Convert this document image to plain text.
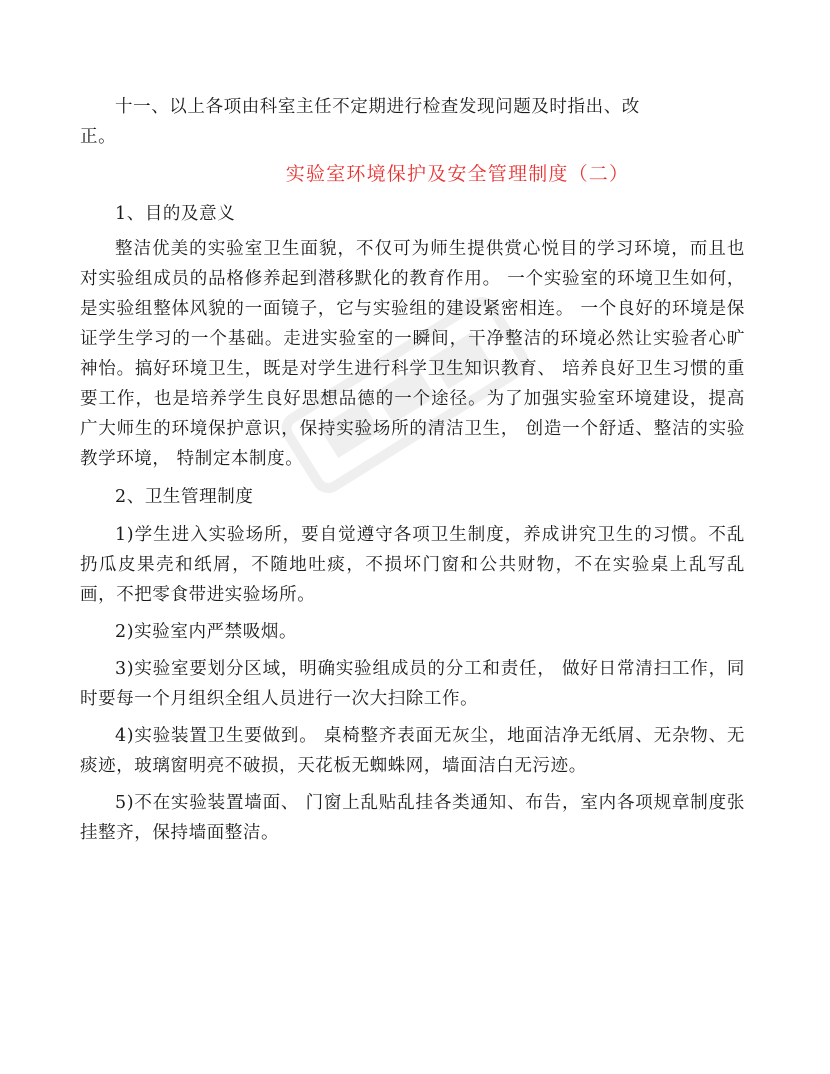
十一、以上各项由科室主任不定期进行检查发现问题及时指出、改

正。

实验室环境保护及安全管理制度（二）

1、目的及意义

整洁优美的实验室卫生面貌，不仅可为师生提供赏心悦目的学习环境，而且也对实验组成员的品格修养起到潜移默化的教育作用。 一个实验室的环境卫生如何，是实验组整体风貌的一面镜子，它与实验组的建设紧密相连。 一个良好的环境是保证学生学习的一个基础。走进实验室的一瞬间，干净整洁的环境必然让实验者心旷神怡。搞好环境卫生，既是对学生进行科学卫生知识教育、 培养良好卫生习惯的重要工作，也是培养学生良好思想品德的一个途径。为了加强实验室环境建设，提高广大师生的环境保护意识，保持实验场所的清洁卫生， 创造一个舒适、整洁的实验教学环境， 特制定本制度。

2、卫生管理制度

1)学生进入实验场所，要自觉遵守各项卫生制度，养成讲究卫生的习惯。不乱扔瓜皮果壳和纸屑，不随地吐痰，不损坏门窗和公共财物，不在实验桌上乱写乱画，不把零食带进实验场所。

2)实验室内严禁吸烟。

3)实验室要划分区域，明确实验组成员的分工和责任， 做好日常清扫工作，同时要每一个月组织全组人员进行一次大扫除工作。

4)实验装置卫生要做到。 桌椅整齐表面无灰尘，地面洁净无纸屑、无杂物、无痰迹，玻璃窗明亮不破损，天花板无蜘蛛网，墙面洁白无污迹。

5)不在实验装置墙面、 门窗上乱贴乱挂各类通知、布告，室内各项规章制度张挂整齐，保持墙面整洁。
